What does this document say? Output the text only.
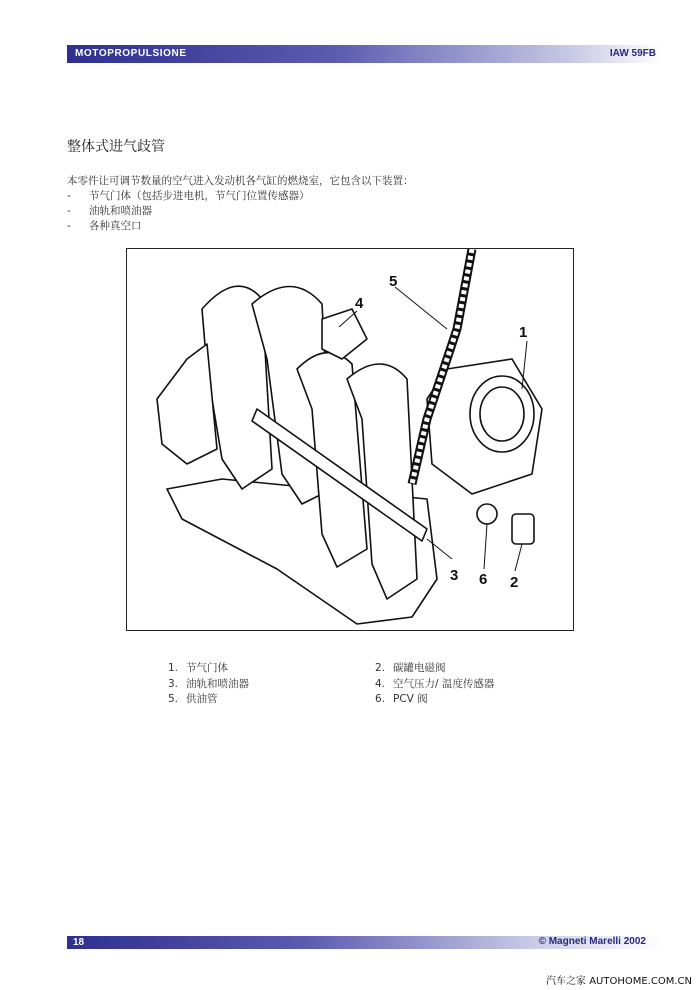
MOTOPROPULSIONE	IAW 59FB
整体式进气歧管
本零件让可调节数量的空气进入发动机各气缸的燃烧室，它包含以下装置：
- 节气门体（包括步进电机，节气门位置传感器）
- 油轨和喷油器
- 各种真空口
5
1
4
3 6 2
1. 节气门体	2. 碳罐电磁阀
3. 油轨和喷油器	4. 空气压力/ 温度传感器
5. 供油管	6. PCV 阀
18	© Magneti Marelli 2002
汽车之家 AUTOHOME.COM.CN
